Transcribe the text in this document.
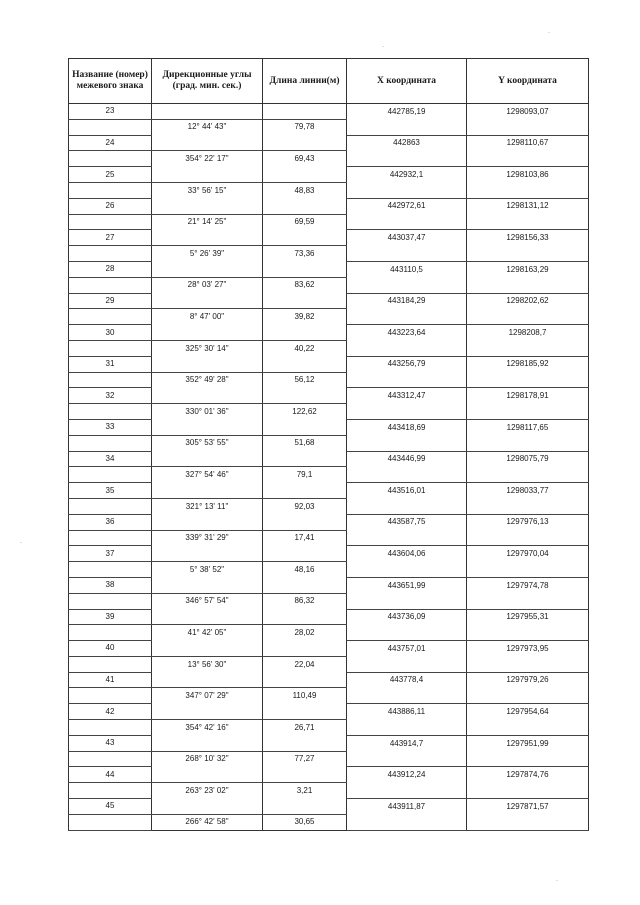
Название (номер) межевого знака	Дирекционные углы (град. мин. сек.)	Длина линии(м)	X координата	Y координата
23			442785,19	1298093,07
	12° 44' 43"	79,78		
24			442863	1298110,67
	354° 22' 17"	69,43		
25			442932,1	1298103,86
	33° 56' 15"	48,83		
26			442972,61	1298131,12
	21° 14' 25"	69,59		
27			443037,47	1298156,33
	5° 26' 39"	73,36		
28			443110,5	1298163,29
	28° 03' 27"	83,62		
29			443184,29	1298202,62
	8° 47' 00"	39,82		
30			443223,64	1298208,7
	325° 30' 14"	40,22		
31			443256,79	1298185,92
	352° 49' 28"	56,12		
32			443312,47	1298178,91
	330° 01' 36"	122,62		
33			443418,69	1298117,65
	305° 53' 55"	51,68		
34			443446,99	1298075,79
	327° 54' 46"	79,1		
35			443516,01	1298033,77
	321° 13' 11"	92,03		
36			443587,75	1297976,13
	339° 31' 29"	17,41		
37			443604,06	1297970,04
	5° 38' 52"	48,16		
38			443651,99	1297974,78
	346° 57' 54"	86,32		
39			443736,09	1297955,31
	41° 42' 05"	28,02		
40			443757,01	1297973,95
	13° 56' 30"	22,04		
41			443778,4	1297979,26
	347° 07' 29"	110,49		
42			443886,11	1297954,64
	354° 42' 16"	26,71		
43			443914,7	1297951,99
	268° 10' 32"	77,27		
44			443912,24	1297874,76
	263° 23' 02"	3,21		
45			443911,87	1297871,57
	266° 42' 58"	30,65		
·
·
·
·
